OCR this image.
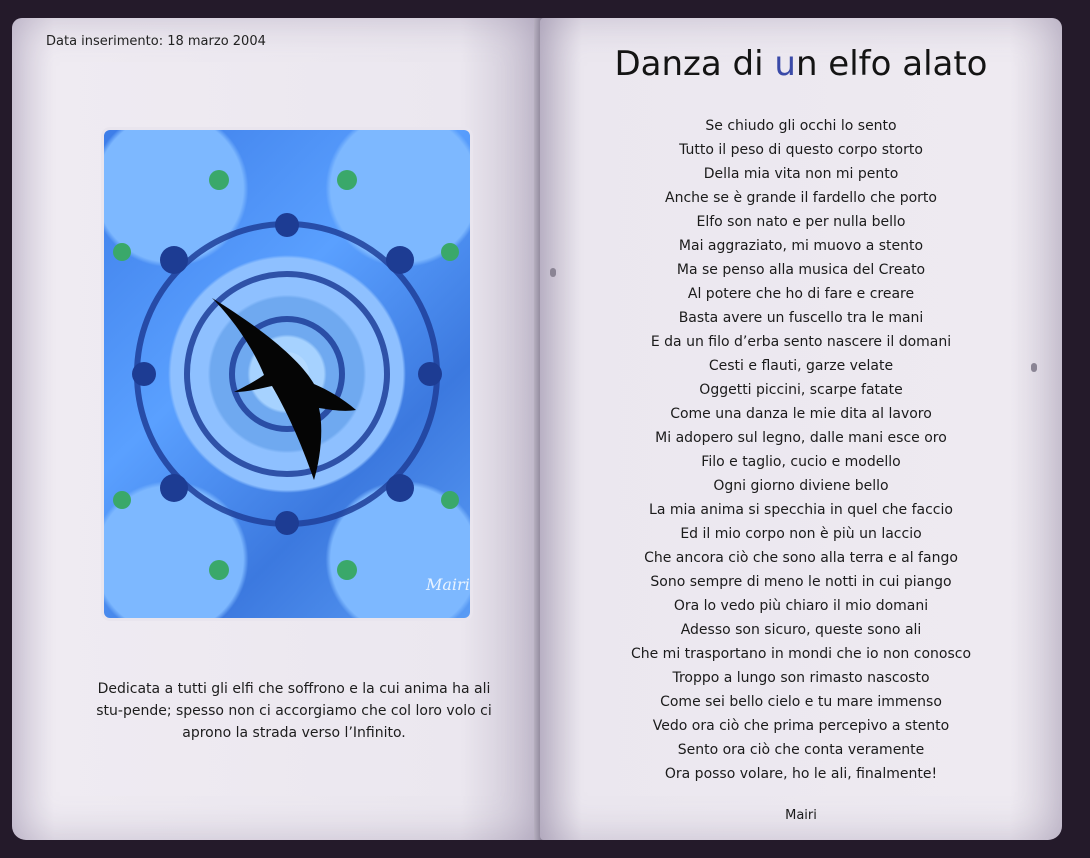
Data inserimento: 18 marzo 2004
Mairi
Dedicata a tutti gli elfi che soffrono e la cui anima ha ali stu-pende; spesso non ci accorgiamo che col loro volo ci aprono la strada verso l’Infinito.
Danza di un elfo alato
Se chiudo gli occhi lo sento
Tutto il peso di questo corpo storto
Della mia vita non mi pento
Anche se è grande il fardello che porto
Elfo son nato e per nulla bello
Mai aggraziato, mi muovo a stento
Ma se penso alla musica del Creato
Al potere che ho di fare e creare
Basta avere un fuscello tra le mani
E da un filo d’erba sento nascere il domani
Cesti e flauti, garze velate
Oggetti piccini, scarpe fatate
Come una danza le mie dita al lavoro
Mi adopero sul legno, dalle mani esce oro
Filo e taglio, cucio e modello
Ogni giorno diviene bello
La mia anima si specchia in quel che faccio
Ed il mio corpo non è più un laccio
Che ancora ciò che sono alla terra e al fango
Sono sempre di meno le notti in cui piango
Ora lo vedo più chiaro il mio domani
Adesso son sicuro, queste sono ali
Che mi trasportano in mondi che io non conosco
Troppo a lungo son rimasto nascosto
Come sei bello cielo e tu mare immenso
Vedo ora ciò che prima percepivo a stento
Sento ora ciò che conta veramente
Ora posso volare, ho le ali, finalmente!
Mairi
